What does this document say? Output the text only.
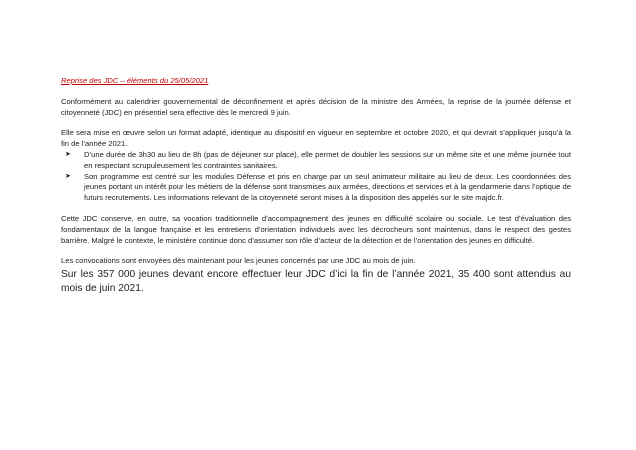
Reprise des JDC – éléments du 25/05/2021

Conformément au calendrier gouvernemental de déconfinement et après décision de la ministre des Armées, la reprise de la journée défense et citoyenneté (JDC) en présentiel sera effective dès le mercredi 9 juin.

Elle sera mise en œuvre selon un format adapté, identique au dispositif en vigueur en septembre et octobre 2020, et qui devrait s’appliquer jusqu’à la fin de l’année 2021.

➤ D’une durée de 3h30 au lieu de 8h (pas de déjeuner sur place), elle permet de doubler les sessions sur un même site et une même journée tout en respectant scrupuleusement les contraintes sanitaires.
➤ Son programme est centré sur les modules Défense et pris en charge par un seul animateur militaire au lieu de deux. Les coordonnées des jeunes portant un intérêt pour les métiers de la défense sont transmises aux armées, directions et services et à la gendarmerie dans l’optique de futurs recrutements. Les informations relevant de la citoyenneté seront mises à la disposition des appelés sur le site majdc.fr.

Cette JDC conserve, en outre, sa vocation traditionnelle d’accompagnement des jeunes en difficulté scolaire ou sociale. Le test d’évaluation des fondamentaux de la langue française et les entretiens d’orientation individuels avec les décrocheurs sont maintenus, dans le respect des gestes barrière. Malgré le contexte, le ministère continue donc d’assumer son rôle d’acteur de la détection et de l’orientation des jeunes en difficulté.

Les convocations sont envoyées dès maintenant pour les jeunes concernés par une JDC au mois de juin.

Sur les 357 000 jeunes devant encore effectuer leur JDC d’ici la fin de l’année 2021, 35 400 sont attendus au mois de juin 2021.
